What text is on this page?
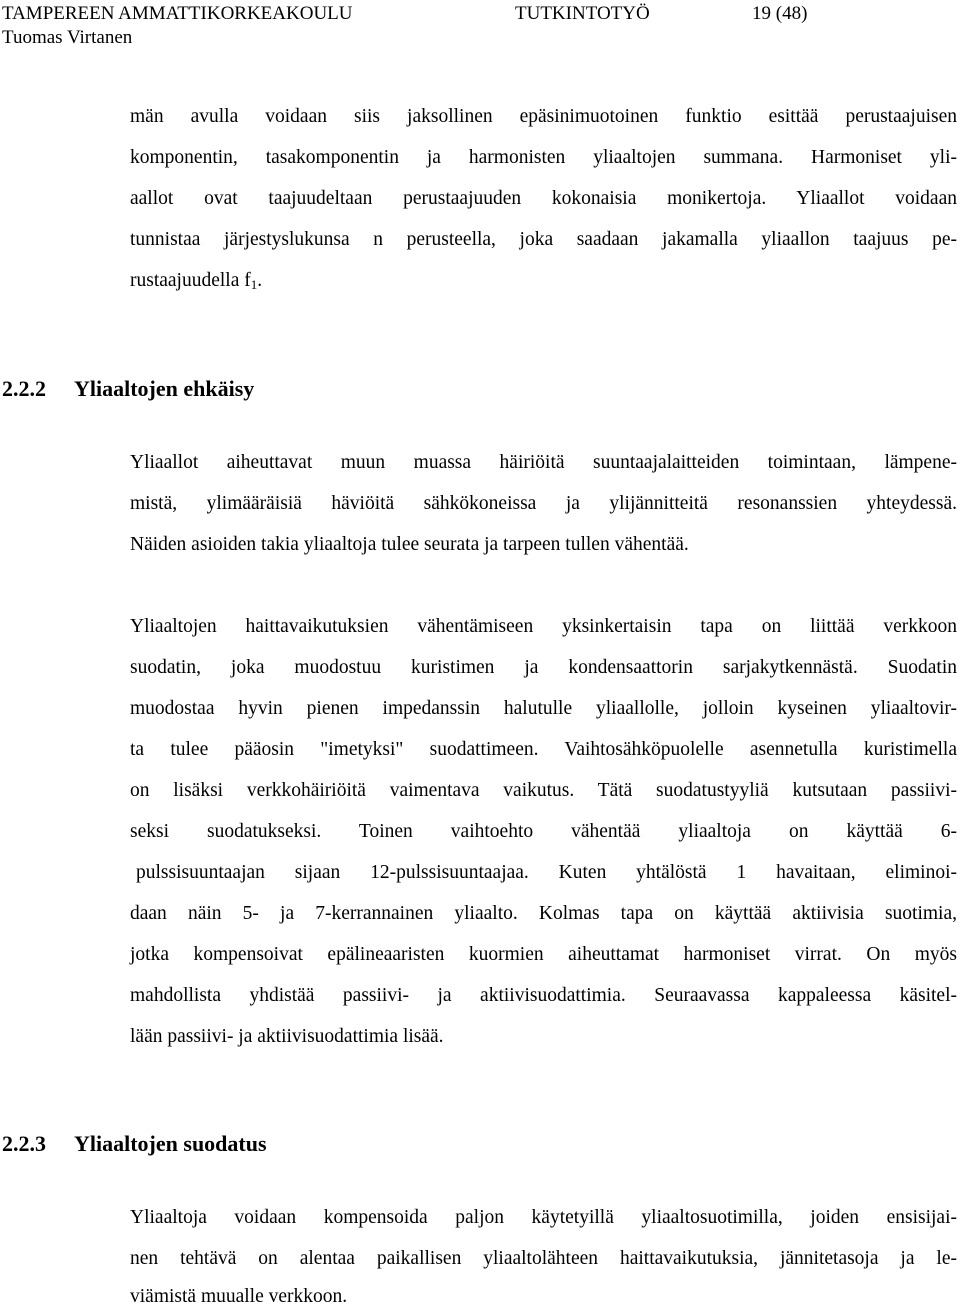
TAMPEREEN AMMATTIKORKEAKOULU	TUTKINTOTYÖ	19 (48)
Tuomas Virtanen
män avulla voidaan siis jaksollinen epäsinimuotoinen funktio esittää perustaajuisen
komponentin, tasakomponentin ja harmonisten yliaaltojen summana. Harmoniset yli-
aallot ovat taajuudeltaan perustaajuuden kokonaisia monikertoja. Yliaallot voidaan
tunnistaa järjestyslukunsa n perusteella, joka saadaan jakamalla yliaallon taajuus pe-
rustaajuudella $f_1$.
2.2.2 Yliaaltojen ehkäisy
Yliaallot aiheuttavat muun muassa häiriöitä suuntaajalaitteiden toimintaan, lämpene-
mistä, ylimääräisiä häviöitä sähkökoneissa ja ylijännitteitä resonanssien yhteydessä.
Näiden asioiden takia yliaaltoja tulee seurata ja tarpeen tullen vähentää.
Yliaaltojen haittavaikutuksien vähentämiseen yksinkertaisin tapa on liittää verkkoon
suodatin, joka muodostuu kuristimen ja kondensaattorin sarjakytkennästä. Suodatin
muodostaa hyvin pienen impedanssin halutulle yliaallolle, jolloin kyseinen yliaaltovir-
ta tulee pääosin "imetyksi" suodattimeen. Vaihtosähköpuolelle asennetulla kuristimella
on lisäksi verkkohäiriöitä vaimentava vaikutus. Tätä suodatustyyliä kutsutaan passiivi-
seksi suodatukseksi. Toinen vaihtoehto vähentää yliaaltoja on käyttää 6-
pulssisuuntaajan sijaan 12-pulssisuuntaajaa. Kuten yhtälöstä 1 havaitaan, eliminoi-
daan näin 5- ja 7-kerrannainen yliaalto. Kolmas tapa on käyttää aktiivisia suotimia,
jotka kompensoivat epälineaaristen kuormien aiheuttamat harmoniset virrat. On myös
mahdollista yhdistää passiivi- ja aktiivisuodattimia. Seuraavassa kappaleessa käsitel-
lään passiivi- ja aktiivisuodattimia lisää.
2.2.3 Yliaaltojen suodatus
Yliaaltoja voidaan kompensoida paljon käytetyillä yliaaltosuotimilla, joiden ensisijai-
nen tehtävä on alentaa paikallisen yliaaltolähteen haittavaikutuksia, jännitetasoja ja le-
viämistä muualle verkkoon.
